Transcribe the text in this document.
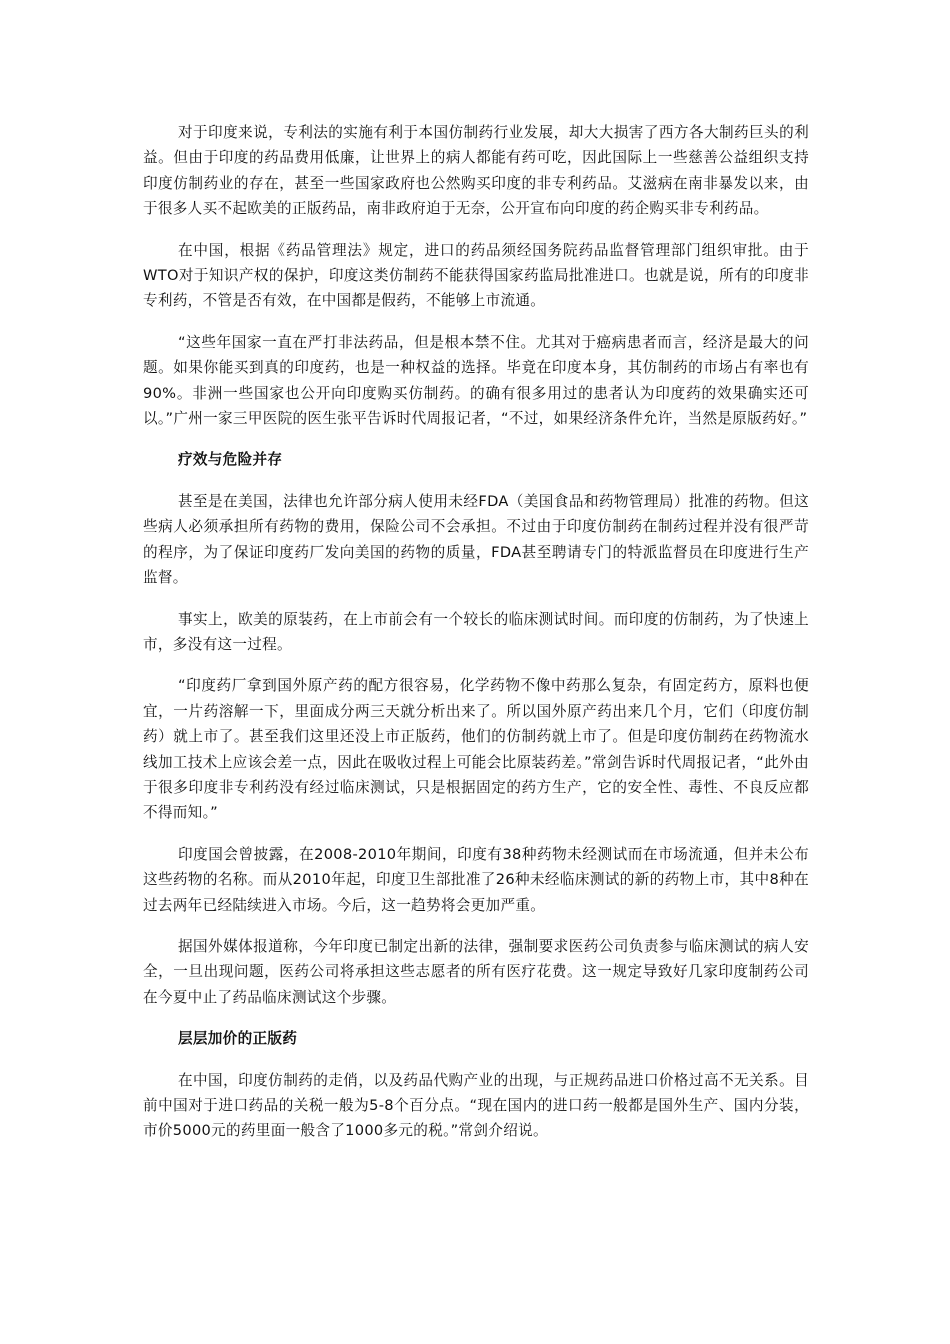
对于印度来说，专利法的实施有利于本国仿制药行业发展，却大大损害了西方各大制药巨头的利益。但由于印度的药品费用低廉，让世界上的病人都能有药可吃，因此国际上一些慈善公益组织支持印度仿制药业的存在，甚至一些国家政府也公然购买印度的非专利药品。艾滋病在南非暴发以来，由于很多人买不起欧美的正版药品，南非政府迫于无奈，公开宣布向印度的药企购买非专利药品。

在中国，根据《药品管理法》规定，进口的药品须经国务院药品监督管理部门组织审批。由于WTO对于知识产权的保护，印度这类仿制药不能获得国家药监局批准进口。也就是说，所有的印度非专利药，不管是否有效，在中国都是假药，不能够上市流通。

“这些年国家一直在严打非法药品，但是根本禁不住。尤其对于癌病患者而言，经济是最大的问题。如果你能买到真的印度药，也是一种权益的选择。毕竟在印度本身，其仿制药的市场占有率也有90%。非洲一些国家也公开向印度购买仿制药。的确有很多用过的患者认为印度药的效果确实还可以。”广州一家三甲医院的医生张平告诉时代周报记者，“不过，如果经济条件允许，当然是原版药好。”

疗效与危险并存

甚至是在美国，法律也允许部分病人使用未经FDA（美国食品和药物管理局）批准的药物。但这些病人必须承担所有药物的费用，保险公司不会承担。不过由于印度仿制药在制药过程并没有很严苛的程序，为了保证印度药厂发向美国的药物的质量，FDA甚至聘请专门的特派监督员在印度进行生产监督。

事实上，欧美的原装药，在上市前会有一个较长的临床测试时间。而印度的仿制药，为了快速上市，多没有这一过程。

“印度药厂拿到国外原产药的配方很容易，化学药物不像中药那么复杂，有固定药方，原料也便宜，一片药溶解一下，里面成分两三天就分析出来了。所以国外原产药出来几个月，它们（印度仿制药）就上市了。甚至我们这里还没上市正版药，他们的仿制药就上市了。但是印度仿制药在药物流水线加工技术上应该会差一点，因此在吸收过程上可能会比原装药差。”常剑告诉时代周报记者，“此外由于很多印度非专利药没有经过临床测试，只是根据固定的药方生产，它的安全性、毒性、不良反应都不得而知。”

印度国会曾披露，在2008-2010年期间，印度有38种药物未经测试而在市场流通，但并未公布这些药物的名称。而从2010年起，印度卫生部批准了26种未经临床测试的新的药物上市，其中8种在过去两年已经陆续进入市场。今后，这一趋势将会更加严重。

据国外媒体报道称，今年印度已制定出新的法律，强制要求医药公司负责参与临床测试的病人安全，一旦出现问题，医药公司将承担这些志愿者的所有医疗花费。这一规定导致好几家印度制药公司在今夏中止了药品临床测试这个步骤。

层层加价的正版药

在中国，印度仿制药的走俏，以及药品代购产业的出现，与正规药品进口价格过高不无关系。目前中国对于进口药品的关税一般为5-8个百分点。“现在国内的进口药一般都是国外生产、国内分装，市价5000元的药里面一般含了1000多元的税。”常剑介绍说。
